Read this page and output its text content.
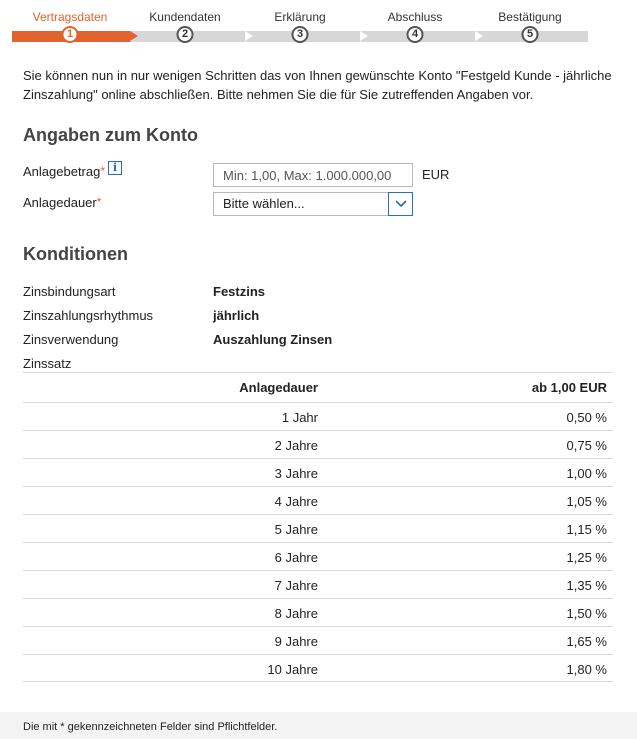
Vertragsdaten	Kundendaten	Erklärung	Abschluss	Bestätigung
1	2	3	4	5

Sie können nun in nur wenigen Schritten das von Ihnen gewünschte Konto "Festgeld Kunde - jährliche Zinszahlung" online abschließen. Bitte nehmen Sie die für Sie zutreffenden Angaben vor.

Angaben zum Konto
Anlagebetrag* i
Min: 1,00, Max: 1.000.000,00	EUR
Anlagedauer*	Bitte wählen...
Konditionen
Zinsbindungsart	Festzins
Zinszahlungsrhythmus	jährlich
Zinsverwendung	Auszahlung Zinsen
Zinssatz
Anlagedauer	ab 1,00 EUR
1 Jahr	0,50 %
2 Jahre	0,75 %
3 Jahre	1,00 %
4 Jahre	1,05 %
5 Jahre	1,15 %
6 Jahre	1,25 %
7 Jahre	1,35 %
8 Jahre	1,50 %
9 Jahre	1,65 %
10 Jahre	1,80 %
Die mit * gekennzeichneten Felder sind Pflichtfelder.
